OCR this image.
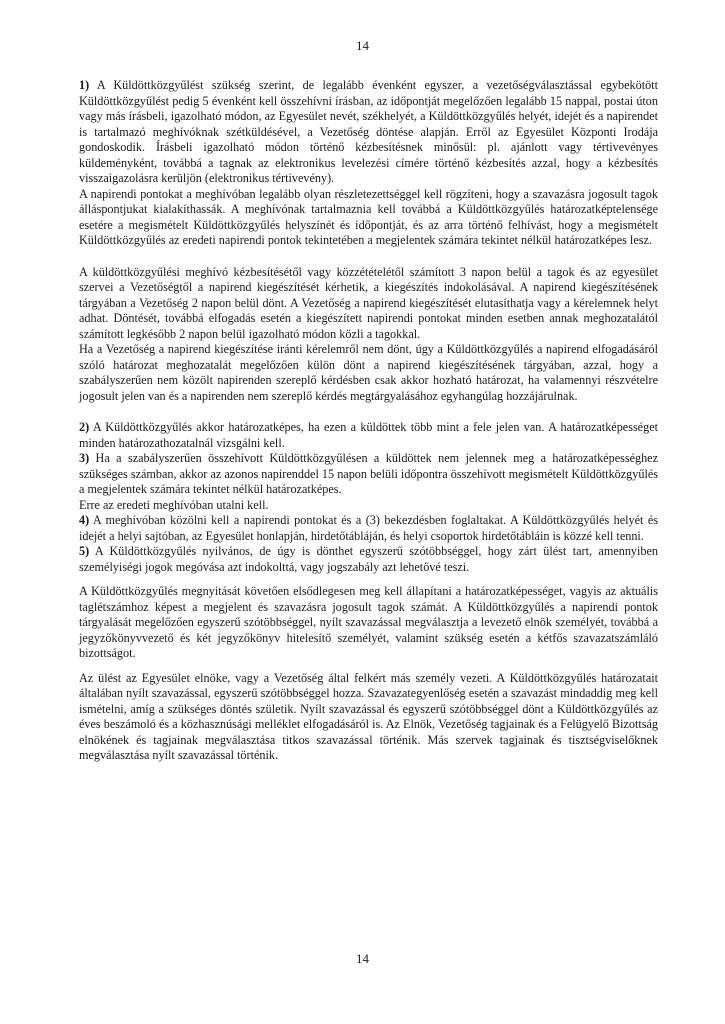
14

1) A Küldöttközgyűlést szükség szerint, de legalább évenként egyszer, a vezetőségválasztással egybekötött Küldöttközgyűlést pedig 5 évenként kell összehívni írásban, az időpontját megelőzően legalább 15 nappal, postai úton vagy más írásbeli, igazolható módon, az Egyesület nevét, székhelyét, a Küldöttközgyűlés helyét, idejét és a napirendet is tartalmazó meghívóknak szétküldésével, a Vezetőség döntése alapján. Erről az Egyesület Központi Irodája gondoskodik. Írásbeli igazolható módon történő kézbesítésnek minősül: pl. ajánlott vagy tértivevényes küldeményként, továbbá a tagnak az elektronikus levelezési címére történő kézbesítés azzal, hogy a kézbesítés visszaigazolásra kerüljön (elektronikus tértivevény).

A napirendi pontokat a meghívóban legalább olyan részletezettséggel kell rögzíteni, hogy a szavazásra jogosult tagok álláspontjukat kialakíthassák. A meghívónak tartalmaznia kell továbbá a Küldöttközgyűlés határozatképtelensége esetére a megismételt Küldöttközgyűlés helyszínét és időpontját, és az arra történő felhívást, hogy a megismételt Küldöttközgyűlés az eredeti napirendi pontok tekintetében a megjelentek számára tekintet nélkül határozatképes lesz.

A küldöttközgyűlési meghívó kézbesítésétől vagy közzétételétől számított 3 napon belül a tagok és az egyesület szervei a Vezetőségtől a napirend kiegészítését kérhetik, a kiegészítés indokolásával. A napirend kiegészítésének tárgyában a Vezetőség 2 napon belül dönt. A Vezetőség a napirend kiegészítését elutasíthatja vagy a kérelemnek helyt adhat. Döntését, továbbá elfogadás esetén a kiegészített napirendi pontokat minden esetben annak meghozatalától számított legkésőbb 2 napon belül igazolható módon közli a tagokkal.

Ha a Vezetőség a napirend kiegészítése iránti kérelemről nem dönt, úgy a Küldöttközgyűlés a napirend elfogadásáról szóló határozat meghozatalát megelőzően külön dönt a napirend kiegészítésének tárgyában, azzal, hogy a szabályszerűen nem közölt napirenden szereplő kérdésben csak akkor hozható határozat, ha valamennyi részvételre jogosult jelen van és a napirenden nem szereplő kérdés megtárgyalásához egyhangúlag hozzájárulnak.

2) A Küldöttközgyűlés akkor határozatképes, ha ezen a küldöttek több mint a fele jelen van. A határozatképességet minden határozathozatalnál vizsgálni kell.

3) Ha a szabályszerűen összehívott Küldöttközgyűlésen a küldöttek nem jelennek meg a határozatképességhez szükséges számban, akkor az azonos napirenddel 15 napon belüli időpontra összehívott megismételt Küldöttközgyűlés a megjelentek számára tekintet nélkül határozatképes.

Erre az eredeti meghívóban utalni kell.

4) A meghívóban közölni kell a napirendi pontokat és a (3) bekezdésben foglaltakat. A Küldöttközgyűlés helyét és idejét a helyi sajtóban, az Egyesület honlapján, hirdetőtábláján, és helyi csoportok hirdetőtábláin is közzé kell tenni.

5) A Küldöttközgyűlés nyilvános, de úgy is dönthet egyszerű szótöbbséggel, hogy zárt ülést tart, amennyiben személyiségi jogok megóvása azt indokolttá, vagy jogszabály azt lehetővé teszi.

A Küldöttközgyűlés megnyitását követően elsődlegesen meg kell állapítani a határozatképességet, vagyis az aktuális taglétszámhoz képest a megjelent és szavazásra jogosult tagok számát. A Küldöttközgyűlés a napirendi pontok tárgyalását megelőzően egyszerű szótöbbséggel, nyílt szavazással megválasztja a levezető elnök személyét, továbbá a jegyzőkönyvvezető és két jegyzőkönyv hitelesítő személyét, valamint szükség esetén a kétfős szavazatszámláló bizottságot.

Az ülést az Egyesület elnöke, vagy a Vezetőség által felkért más személy vezeti. A Küldöttközgyűlés határozatait általában nyílt szavazással, egyszerű szótöbbséggel hozza. Szavazategyenlőség esetén a szavazást mindaddig meg kell ismételni, amíg a szükséges döntés születik. Nyílt szavazással és egyszerű szótöbbséggel dönt a Küldöttközgyűlés az éves beszámoló és a közhasznúsági melléklet elfogadásáról is. Az Elnök, Vezetőség tagjainak és a Felügyelő Bizottság elnökének és tagjainak megválasztása titkos szavazással történik. Más szervek tagjainak és tisztségviselőknek megválasztása nyílt szavazással történik.

14
